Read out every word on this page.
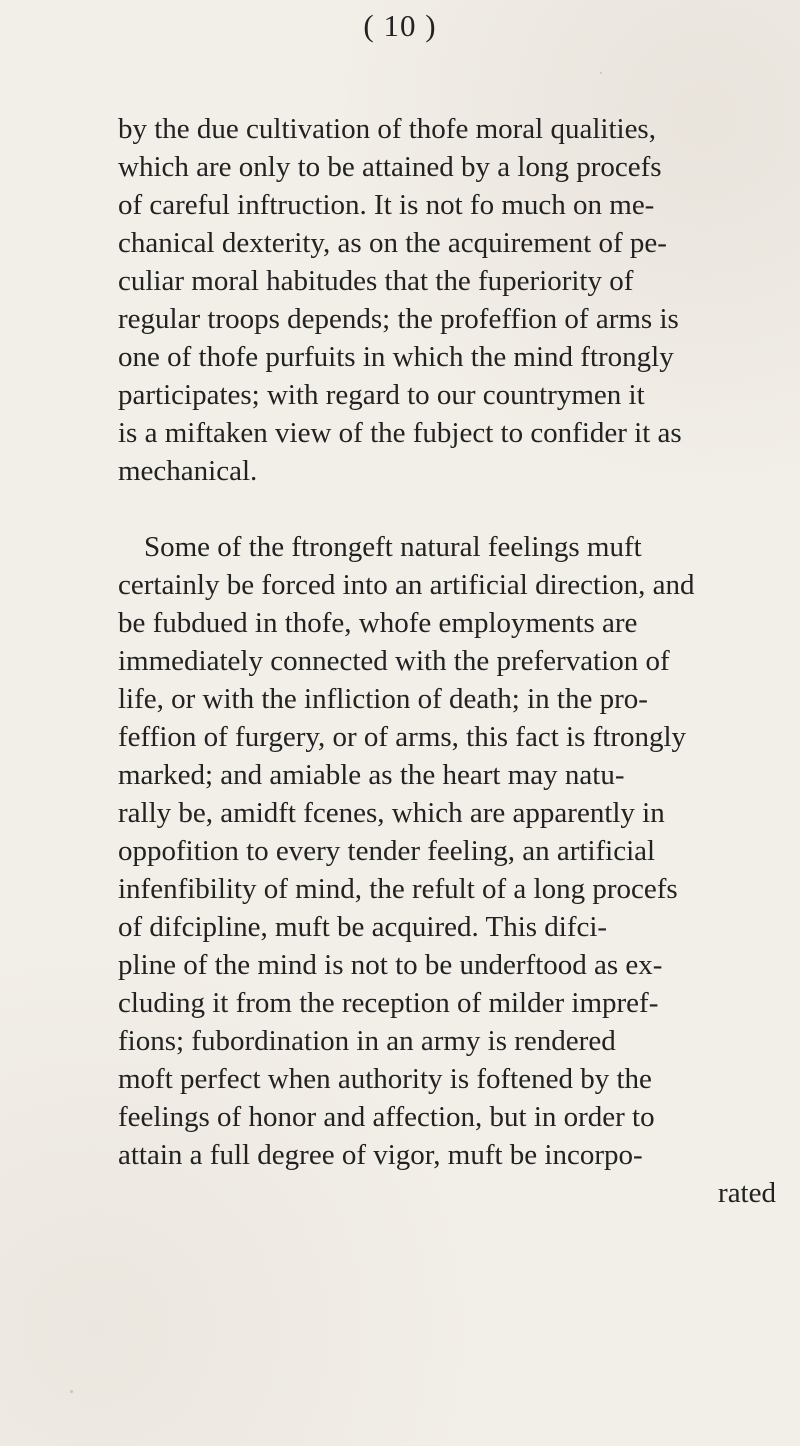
( 10 )
by the due cultivation of thofe moral qualities,
which are only to be attained by a long procefs
of careful inftruction. It is not fo much on me-
chanical dexterity, as on the acquirement of pe-
culiar moral habitudes that the fuperiority of
regular troops depends; the profeffion of arms is
one of thofe purfuits in which the mind ftrongly
participates; with regard to our countrymen it
is a miftaken view of the fubject to confider it as
mechanical.
Some of the ftrongeft natural feelings muft
certainly be forced into an artificial direction, and
be fubdued in thofe, whofe employments are
immediately connected with the prefervation of
life, or with the infliction of death; in the pro-
feffion of furgery, or of arms, this fact is ftrongly
marked; and amiable as the heart may natu-
rally be, amidft fcenes, which are apparently in
oppofition to every tender feeling, an artificial
infenfibility of mind, the refult of a long procefs
of difcipline, muft be acquired. This difci-
pline of the mind is not to be underftood as ex-
cluding it from the reception of milder impref-
fions; fubordination in an army is rendered
moft perfect when authority is foftened by the
feelings of honor and affection, but in order to
attain a full degree of vigor, muft be incorpo-
rated
